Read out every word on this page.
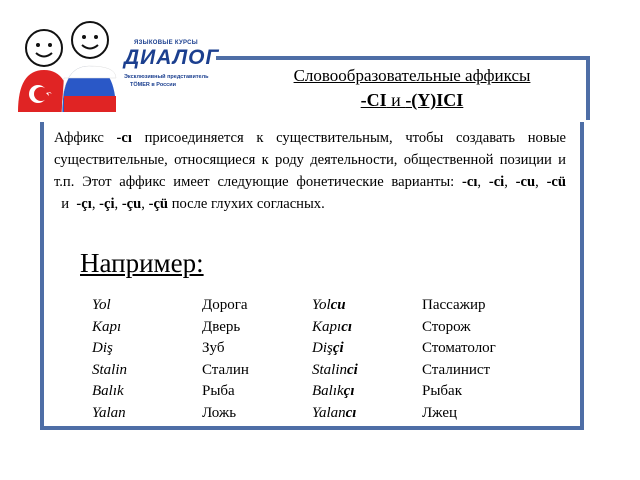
ЯЗЫКОВЫЕ КУРСЫ
ДИАЛОГ
Эксклюзивный представитель
TÖMER в России	Словообразовательные аффиксы
-CI и -(Y)ICI
Аффикс -cı присоединяется к существительным, чтобы создавать новые существительные, относящиеся к роду деятельности, общественной позиции и т.п. Этот аффикс имеет следующие фонетические варианты: -cı, -ci, -cu, -cü  и  -çı, -çi, -çu, -çü после глухих согласных.
Например:
Yol
Kapı
Diş
Stalin
Balık
Yalan
Дорога
Дверь
Зуб
Сталин
Рыба
Ложь
Yolcu
Kapıcı
Dişçi
Stalinci
Balıkçı
Yalancı
Пассажир
Сторож
Стоматолог
Сталинист
Рыбак
Лжец
